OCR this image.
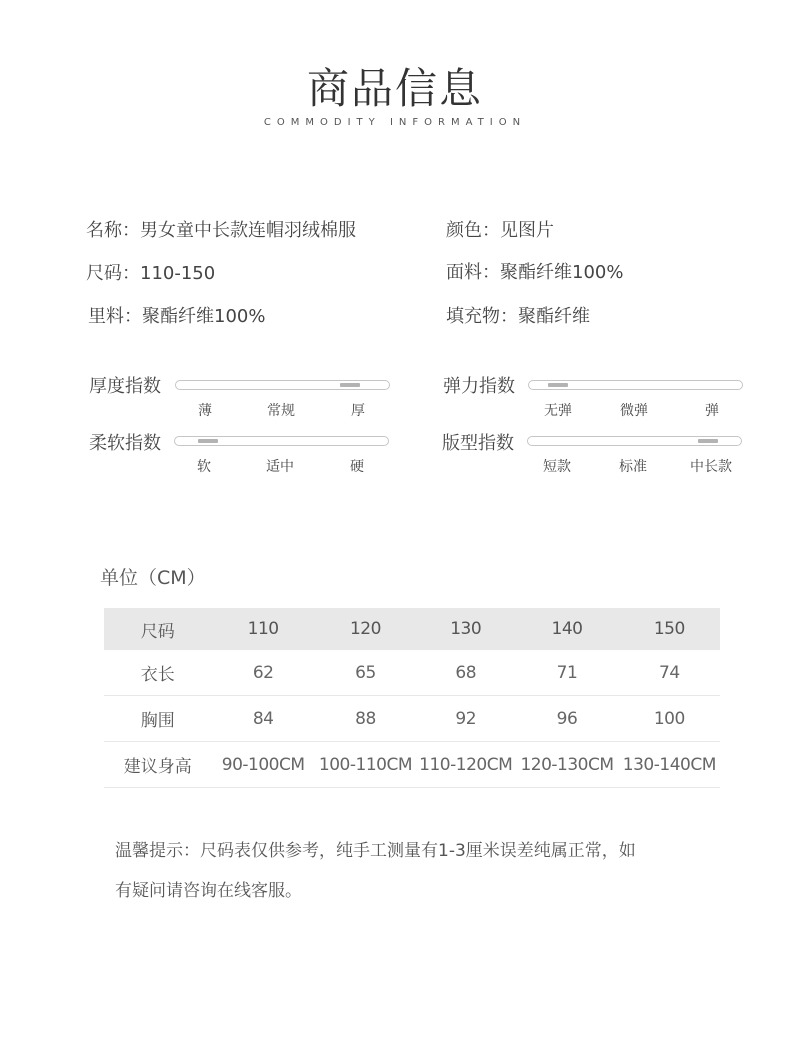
商品信息
COMMODITY INFORMATION
名称：男女童中长款连帽羽绒棉服	颜色：见图片
尺码：110-150	面料：聚酯纤维100%
里料：聚酯纤维100%	填充物：聚酯纤维
厚度指数
薄	常规	厚
弹力指数
无弹	微弹	弹
柔软指数
软	适中	硬
版型指数
短款	标准	中长款
单位（CM）
尺码	110	120	130	140	150
衣长	62	65	68	71	74
胸围	84	88	92	96	100
建议身高	90-100CM	100-110CM	110-120CM	120-130CM	130-140CM
温馨提示：尺码表仅供参考，纯手工测量有1-3厘米误差纯属正常，如
有疑问请咨询在线客服。
